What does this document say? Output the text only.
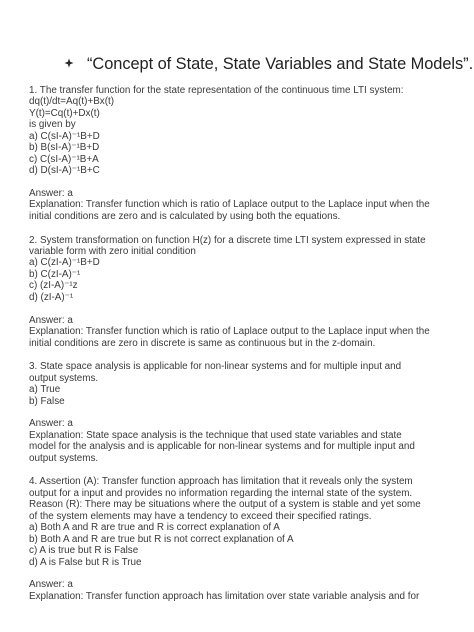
“Concept of State, State Variables and State Models”.
1. The transfer function for the state representation of the continuous time LTI system:
dq(t)/dt=Aq(t)+Bx(t)
Y(t)=Cq(t)+Dx(t)
is given by
a) C(sI-A)⁻¹B+D
b) B(sI-A)⁻¹B+D
c) C(sI-A)⁻¹B+A
d) D(sI-A)⁻¹B+C
Answer: a
Explanation: Transfer function which is ratio of Laplace output to the Laplace input when the
initial conditions are zero and is calculated by using both the equations.
2. System transformation on function H(z) for a discrete time LTI system expressed in state
variable form with zero initial condition
a) C(zI-A)⁻¹B+D
b) C(zI-A)⁻¹
c) (zI-A)⁻¹z
d) (zI-A)⁻¹
Answer: a
Explanation: Transfer function which is ratio of Laplace output to the Laplace input when the
initial conditions are zero in discrete is same as continuous but in the z-domain.
3. State space analysis is applicable for non-linear systems and for multiple input and
output systems.
a) True
b) False
Answer: a
Explanation: State space analysis is the technique that used state variables and state
model for the analysis and is applicable for non-linear systems and for multiple input and
output systems.
4. Assertion (A): Transfer function approach has limitation that it reveals only the system
output for a input and provides no information regarding the internal state of the system.
Reason (R): There may be situations where the output of a system is stable and yet some
of the system elements may have a tendency to exceed their specified ratings.
a) Both A and R are true and R is correct explanation of A
b) Both A and R are true but R is not correct explanation of A
c) A is true but R is False
d) A is False but R is True
Answer: a
Explanation: Transfer function approach has limitation over state variable analysis and for
